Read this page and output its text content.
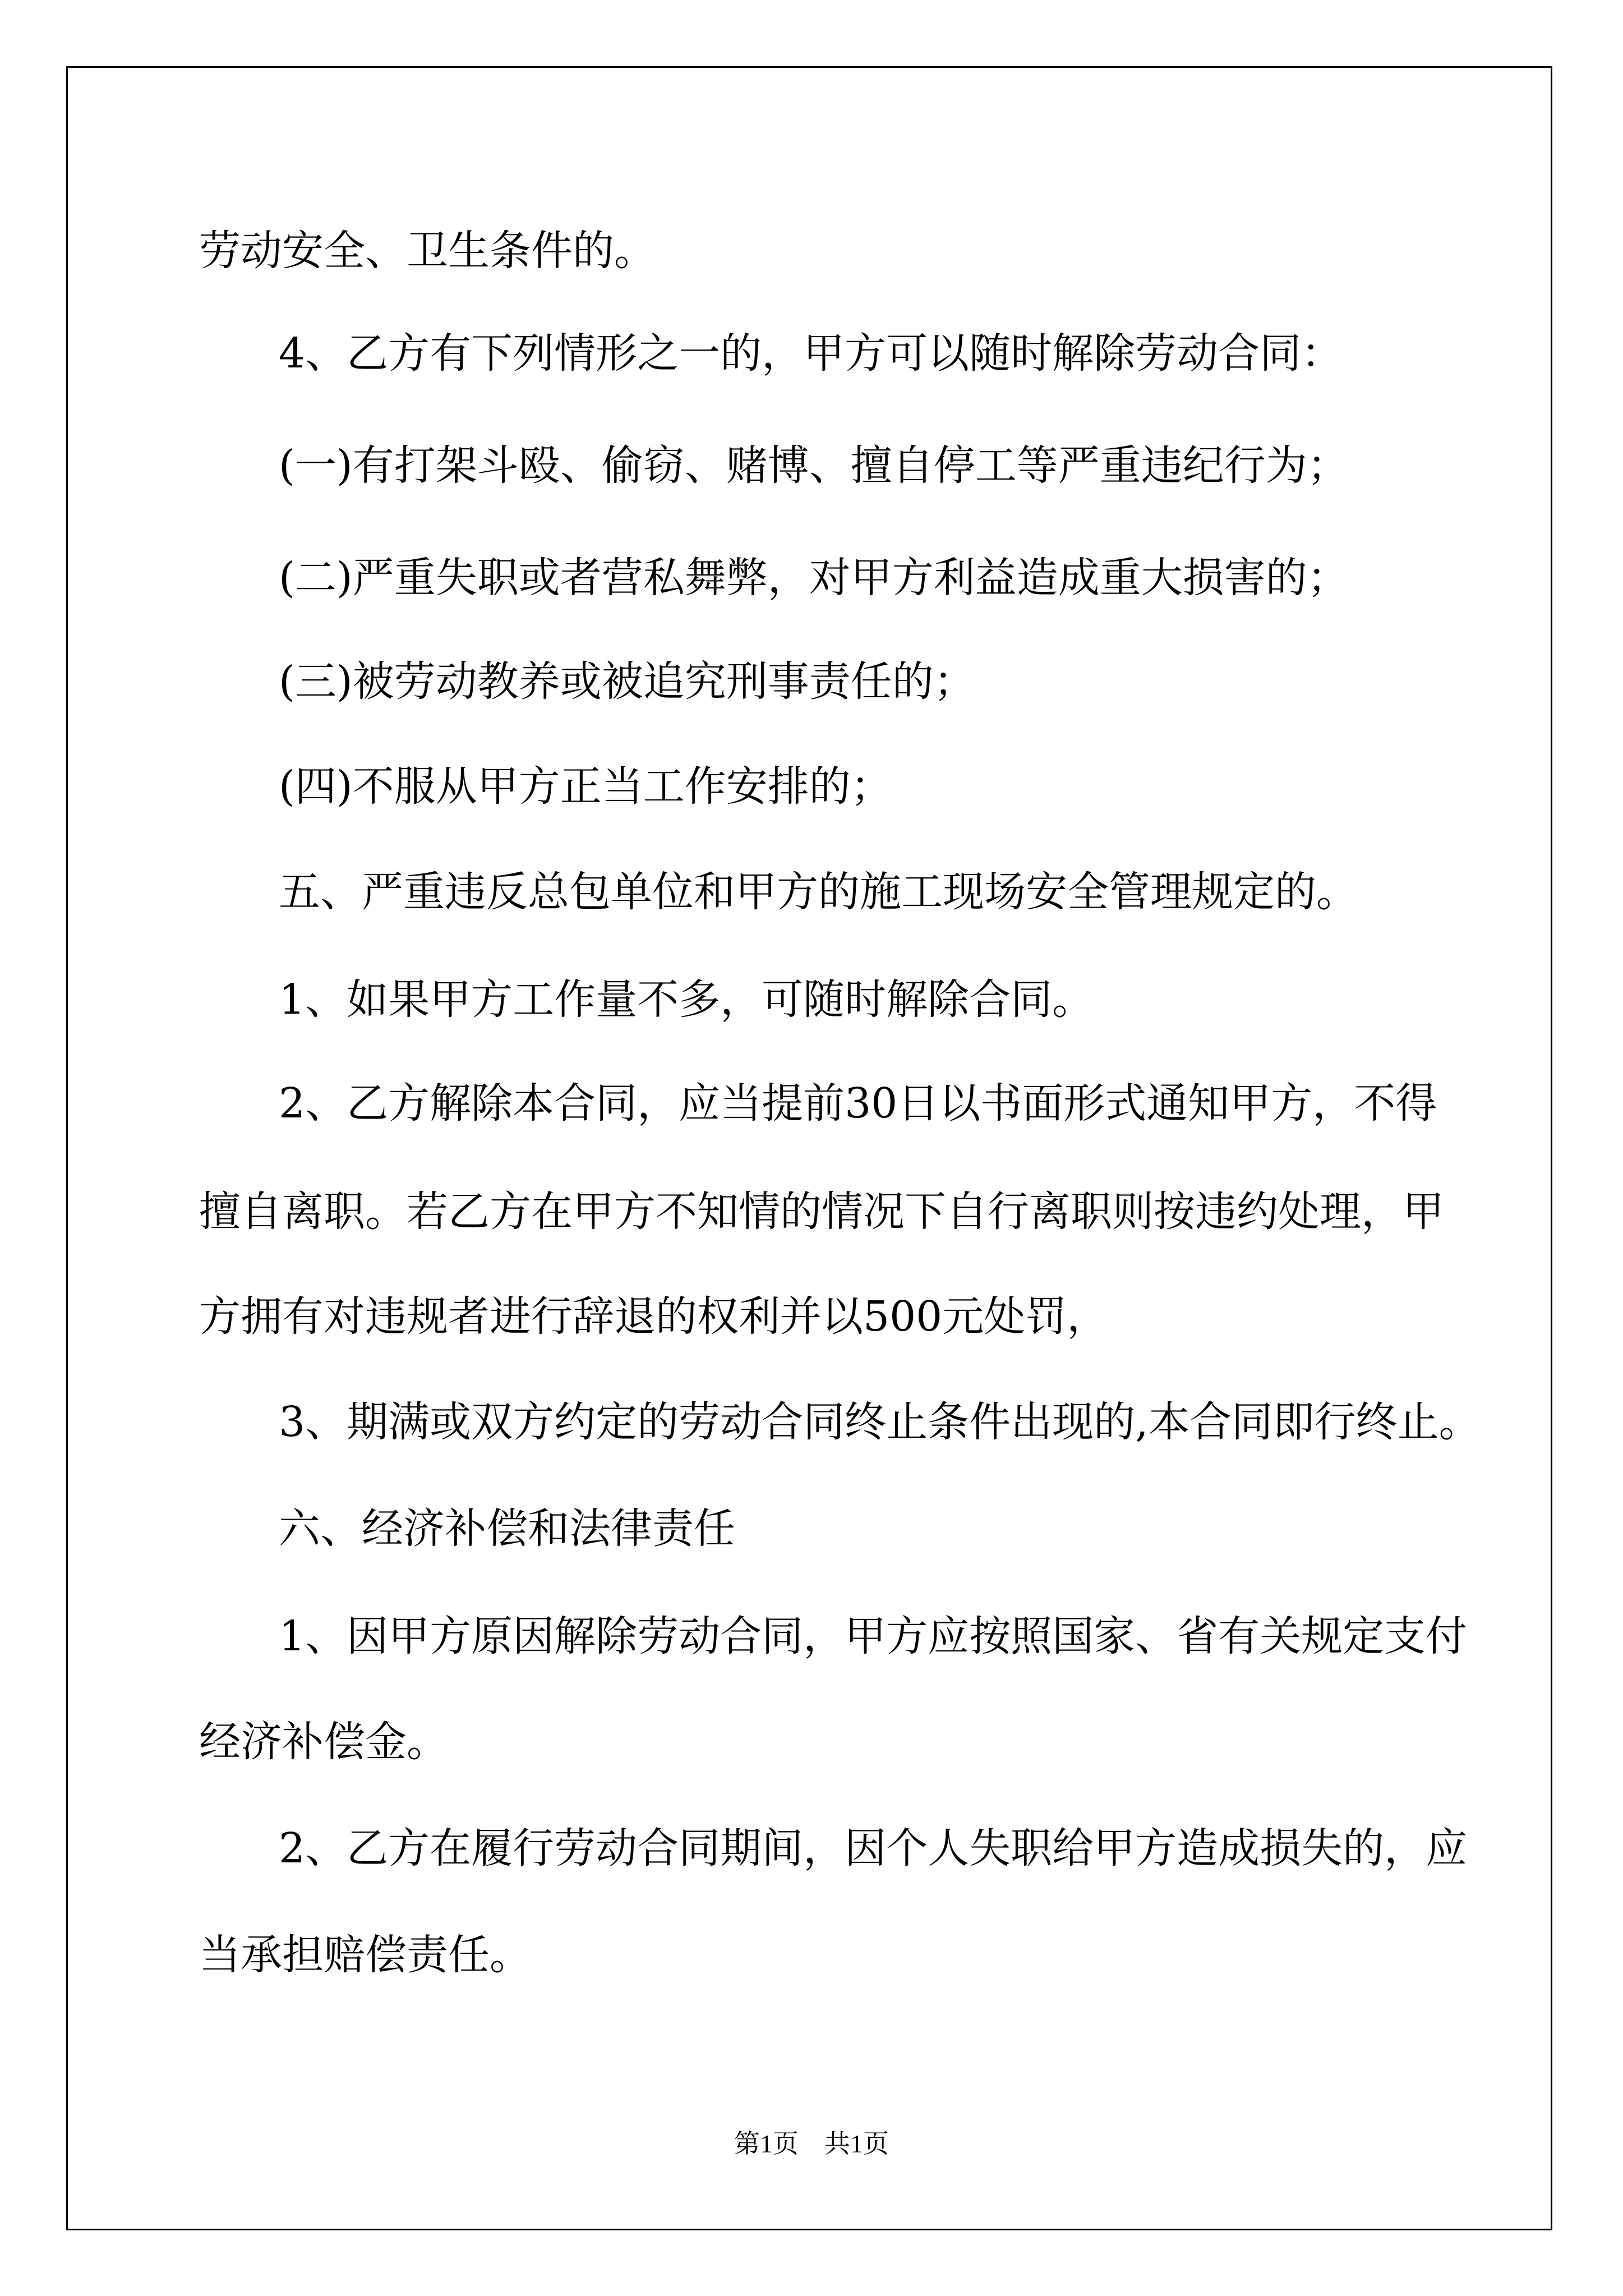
劳动安全、卫生条件的。
4、乙方有下列情形之一的，甲方可以随时解除劳动合同：
(一)有打架斗殴、偷窃、赌博、擅自停工等严重违纪行为；
(二)严重失职或者营私舞弊，对甲方利益造成重大损害的；
(三)被劳动教养或被追究刑事责任的；
(四)不服从甲方正当工作安排的；
五、严重违反总包单位和甲方的施工现场安全管理规定的。
1、如果甲方工作量不多，可随时解除合同。
2、乙方解除本合同，应当提前30日以书面形式通知甲方，不得
擅自离职。若乙方在甲方不知情的情况下自行离职则按违约处理，甲
方拥有对违规者进行辞退的权利并以500元处罚，
3、期满或双方约定的劳动合同终止条件出现的,本合同即行终止。
六、经济补偿和法律责任
1、因甲方原因解除劳动合同，甲方应按照国家、省有关规定支付
经济补偿金。
2、乙方在履行劳动合同期间，因个人失职给甲方造成损失的，应
当承担赔偿责任。
第1页　共1页
